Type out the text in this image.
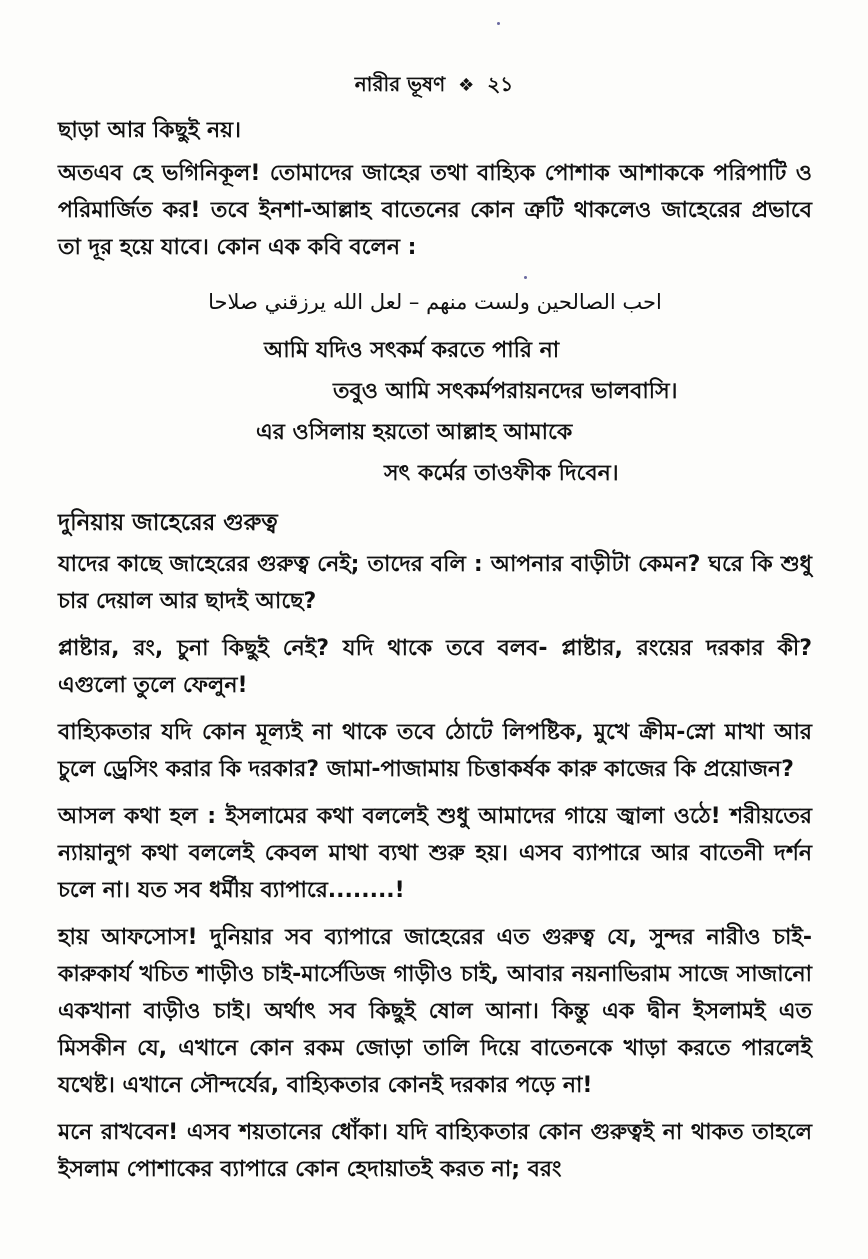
নারীর ভূষণ ❖ ২১

ছাড়া আর কিছুই নয়।

অতএব হে ভগিনিকূল! তোমাদের জাহের তথা বাহ্যিক পোশাক আশাককে পরিপাটি ও পরিমার্জিত কর! তবে ইনশা-আল্লাহ বাতেনের কোন ত্রুটি থাকলেও জাহেরের প্রভাবে তা দূর হয়ে যাবে। কোন এক কবি বলেন :

احب الصالحين ولست منهم – لعل الله يرزقني صلاحا
আমি যদিও সৎকর্ম করতে পারি না
তবুও আমি সৎকর্মপরায়নদের ভালবাসি।
এর ওসিলায় হয়তো আল্লাহ আমাকে
সৎ কর্মের তাওফীক দিবেন।
দুনিয়ায় জাহেরের গুরুত্ব

যাদের কাছে জাহেরের গুরুত্ব নেই; তাদের বলি : আপনার বাড়ীটা কেমন? ঘরে কি শুধু চার দেয়াল আর ছাদই আছে?

প্লাষ্টার, রং, চুনা কিছুই নেই? যদি থাকে তবে বলব- প্লাষ্টার, রংয়ের দরকার কী? এগুলো তুলে ফেলুন!

বাহ্যিকতার যদি কোন মূল্যই না থাকে তবে ঠোটে লিপষ্টিক, মুখে ক্রীম-স্নো মাখা আর চুলে ড্রেসিং করার কি দরকার? জামা-পাজামায় চিত্তাকর্ষক কারু কাজের কি প্রয়োজন?

আসল কথা হল : ইসলামের কথা বললেই শুধু আমাদের গায়ে জ্বালা ওঠে! শরীয়তের ন্যায়ানুগ কথা বললেই কেবল মাথা ব্যথা শুরু হয়। এসব ব্যাপারে আর বাতেনী দর্শন চলে না। যত সব ধর্মীয় ব্যাপারে........!

হায় আফসোস! দুনিয়ার সব ব্যাপারে জাহেরের এত গুরুত্ব যে, সুন্দর নারীও চাই-কারুকার্য খচিত শাড়ীও চাই-মার্সেডিজ গাড়ীও চাই, আবার নয়নাভিরাম সাজে সাজানো একখানা বাড়ীও চাই। অর্থাৎ সব কিছুই ষোল আনা। কিন্তু এক দ্বীন ইসলামই এত মিসকীন যে, এখানে কোন রকম জোড়া তালি দিয়ে বাতেনকে খাড়া করতে পারলেই যথেষ্ট। এখানে সৌন্দর্যের, বাহ্যিকতার কোনই দরকার পড়ে না!

মনে রাখবেন! এসব শয়তানের ধোঁকা। যদি বাহ্যিকতার কোন গুরুত্বই না থাকত তাহলে ইসলাম পোশাকের ব্যাপারে কোন হেদায়াতই করত না; বরং
